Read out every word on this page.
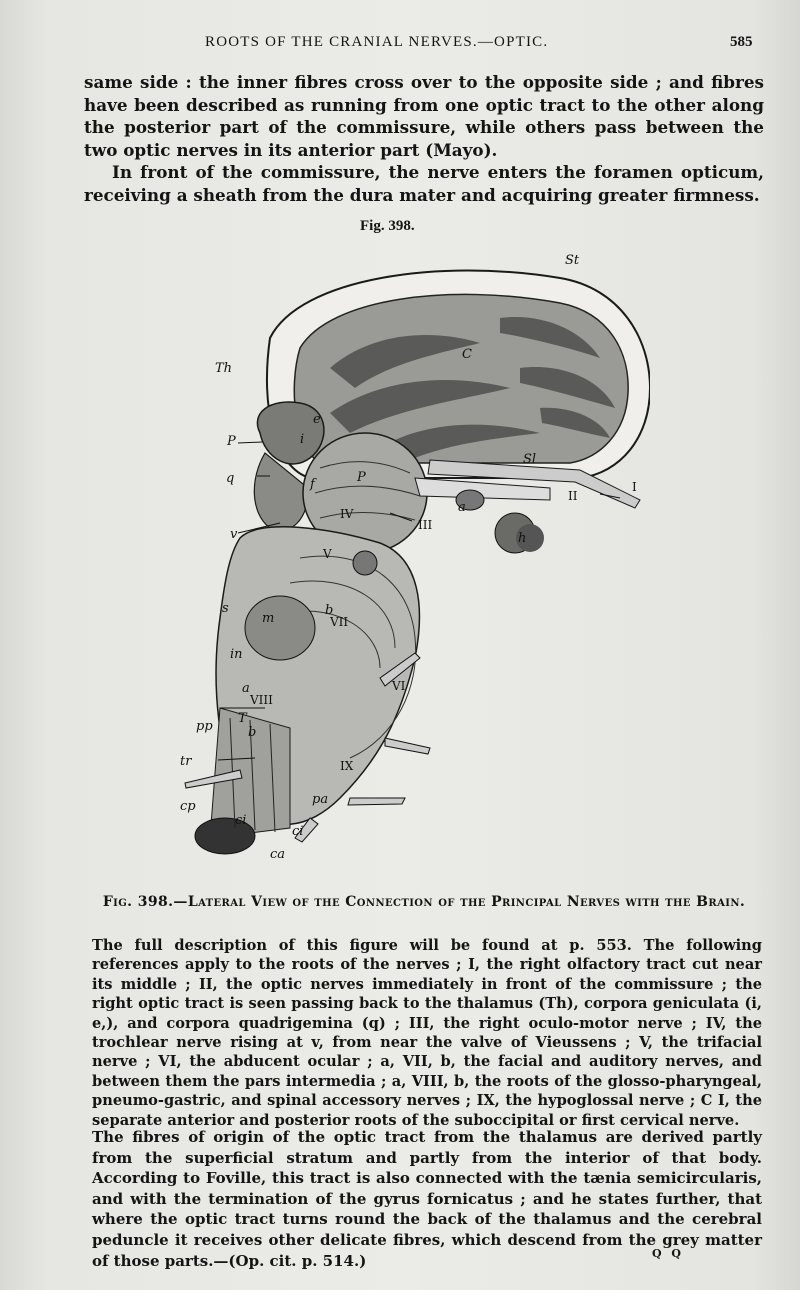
ROOTS OF THE CRANIAL NERVES.—OPTIC.	585

same side : the inner fibres cross over to the opposite side ; and fibres have been described as running from one optic tract to the other along the posterior part of the commissure, while others pass between the two optic nerves in its anterior part (Mayo).

In front of the commissure, the nerve enters the foramen opticum, receiving a sheath from the dura mater and acquiring greater firmness.

Fig. 398.
St
C
Th
e
P	i
Sl
q	P
f
II
I
IV
III
a
h
v
V
b
VII
m
s
in
VI
a
VIII
pp
T
b
tr	IX
pa
cp
ci
ca
ci
Fig. 398.—Lateral View of the Connection of the Principal Nerves with the Brain.

The full description of this figure will be found at p. 553. The following references apply to the roots of the nerves ; I, the right olfactory tract cut near its middle ; II, the optic nerves immediately in front of the commissure ; the right optic tract is seen passing back to the thalamus (Th), corpora geniculata (i, e,), and corpora quadrigemina (q) ; III, the right oculo-motor nerve ; IV, the trochlear nerve rising at v, from near the valve of Vieussens ; V, the trifacial nerve ; VI, the abducent ocular ; a, VII, b, the facial and auditory nerves, and between them the pars intermedia ; a, VIII, b, the roots of the glosso-pharyngeal, pneumo-gastric, and spinal accessory nerves ; IX, the hypoglossal nerve ; C I, the separate anterior and posterior roots of the suboccipital or first cervical nerve.

The fibres of origin of the optic tract from the thalamus are derived partly from the superficial stratum and partly from the interior of that body. According to Foville, this tract is also connected with the tænia semicircularis, and with the termination of the gyrus fornicatus ; and he states further, that where the optic tract turns round the back of the thalamus and the cerebral peduncle it receives other delicate fibres, which descend from the grey matter of those parts.—(Op. cit. p. 514.)	Q Q
